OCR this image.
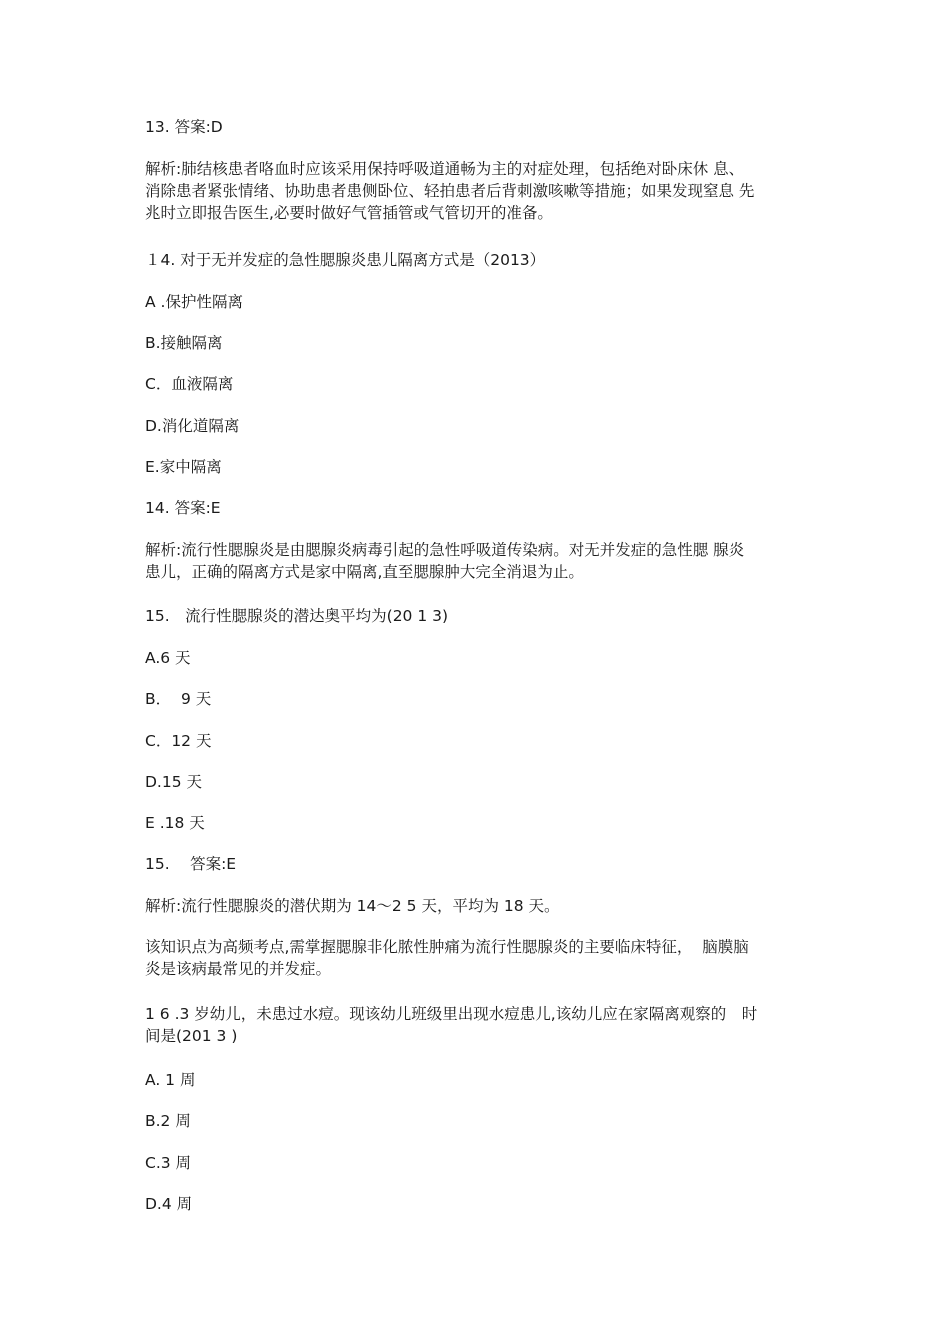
13. 答案:D

解析:肺结核患者咯血时应该采用保持呼吸道通畅为主的对症处理，包括绝对卧床休 息、
消除患者紧张情绪、协助患者患侧卧位、轻拍患者后背刺激咳嗽等措施；如果发现窒息 先
兆时立即报告医生,必要时做好气管插管或气管切开的准备。

１4. 对于无并发症的急性腮腺炎患儿隔离方式是（2013）

A .保护性隔离

B.接触隔离

C．血液隔离

D.消化道隔离

E.家中隔离

14. 答案:E

解析:流行性腮腺炎是由腮腺炎病毒引起的急性呼吸道传染病。对无并发症的急性腮 腺炎
患儿，正确的隔离方式是家中隔离,直至腮腺肿大完全消退为止。

15.　流行性腮腺炎的潜达奥平均为(20 1 3)

A.6 天

B．  9 天

C．12 天

D.15 天

E .18 天

15.　 答案:E

解析:流行性腮腺炎的潜伏期为 14～2 5 天，平均为 18 天。

该知识点为高频考点,需掌握腮腺非化脓性肿痛为流行性腮腺炎的主要临床特征，  脑膜脑
炎是该病最常见的并发症。
1 6 .3 岁幼儿，未患过水痘。现该幼儿班级里出现水痘患儿,该幼儿应在家隔离观察的　时
间是(201 3 )

A. 1 周

B.2 周

C.3 周

D.4 周
